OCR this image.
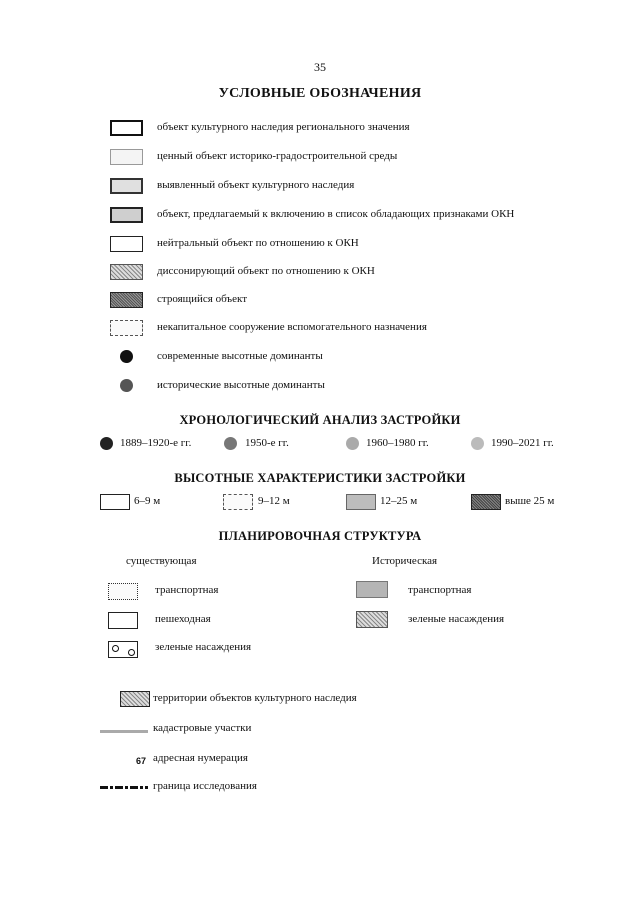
35
УСЛОВНЫЕ ОБОЗНАЧЕНИЯ
объект культурного наследия регионального значения
ценный объект историко-градостроительной среды
выявленный объект культурного наследия
объект, предлагаемый к включению в список обладающих признаками ОКН
нейтральный объект по отношению к ОКН
диссонирующий объект по отношению к ОКН
строящийся объект
некапитальное сооружение вспомогательного назначения
современные высотные доминанты
исторические высотные доминанты
ХРОНОЛОГИЧЕСКИЙ АНАЛИЗ ЗАСТРОЙКИ
1889–1920-е гг.	1950-е гг.	1960–1980 гг.	1990–2021 гг.
ВЫСОТНЫЕ ХАРАКТЕРИСТИКИ ЗАСТРОЙКИ
6–9 м	9–12 м	12–25 м	выше 25 м
ПЛАНИРОВОЧНАЯ СТРУКТУРА
существующая	Историческая
транспортная
пешеходная
зеленые насаждения
транспортная
зеленые насаждения
территории объектов культурного наследия
кадастровые участки
67 адресная нумерация
граница исследования
